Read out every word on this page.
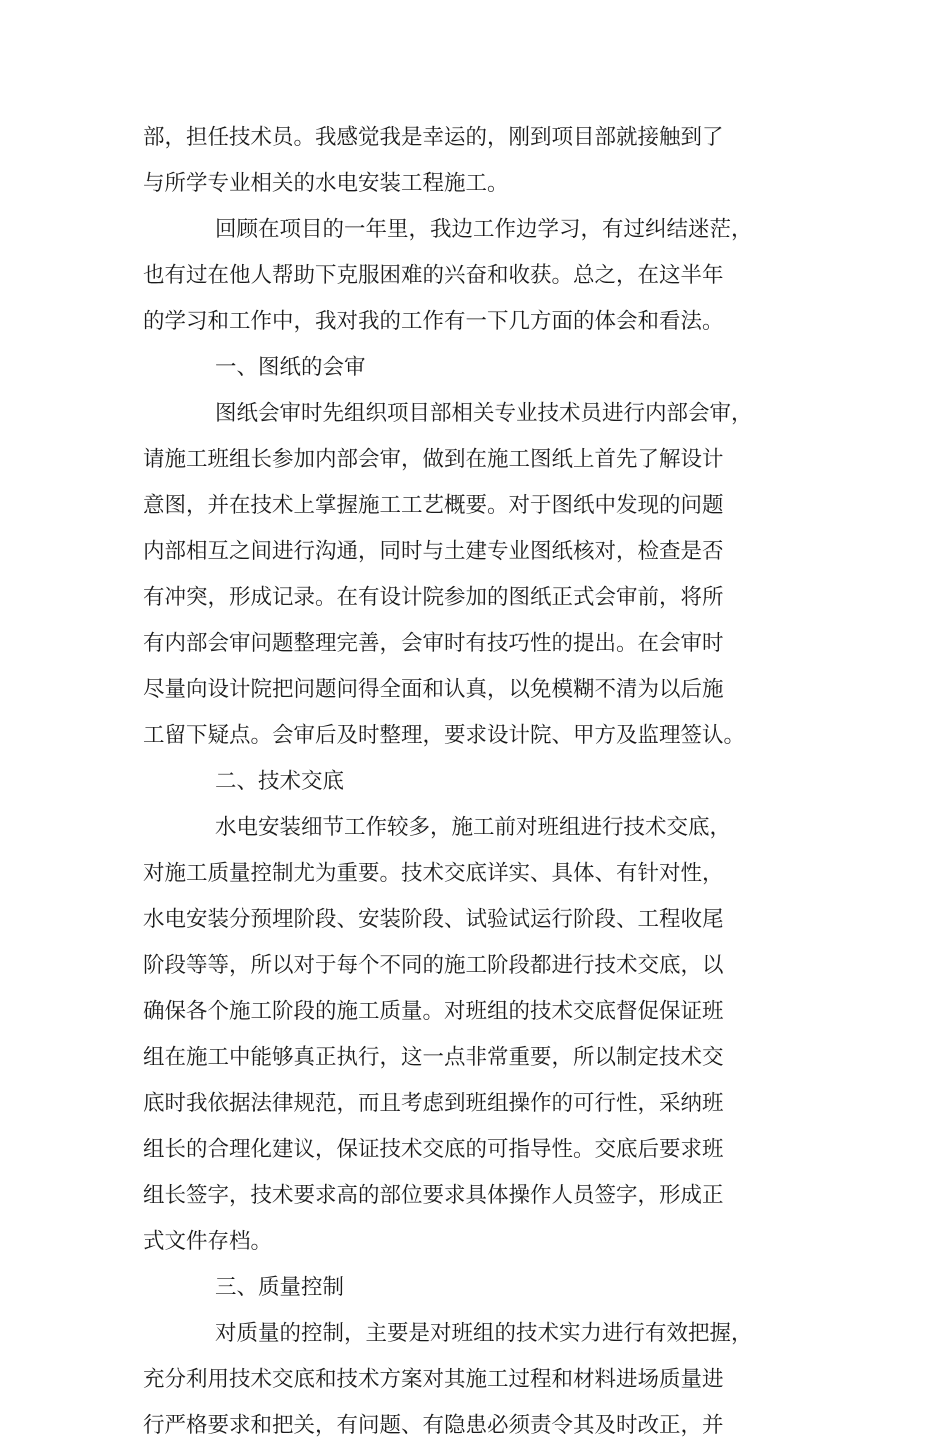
部，担任技术员。我感觉我是幸运的，刚到项目部就接触到了
与所学专业相关的水电安装工程施工。
回顾在项目的一年里，我边工作边学习，有过纠结迷茫，
也有过在他人帮助下克服困难的兴奋和收获。总之，在这半年
的学习和工作中，我对我的工作有一下几方面的体会和看法。
一、图纸的会审
图纸会审时先组织项目部相关专业技术员进行内部会审，
请施工班组长参加内部会审，做到在施工图纸上首先了解设计
意图，并在技术上掌握施工工艺概要。对于图纸中发现的问题
内部相互之间进行沟通，同时与土建专业图纸核对，检查是否
有冲突，形成记录。在有设计院参加的图纸正式会审前，将所
有内部会审问题整理完善，会审时有技巧性的提出。在会审时
尽量向设计院把问题问得全面和认真，以免模糊不清为以后施
工留下疑点。会审后及时整理，要求设计院、甲方及监理签认。
二、技术交底
水电安装细节工作较多，施工前对班组进行技术交底，
对施工质量控制尤为重要。技术交底详实、具体、有针对性，
水电安装分预埋阶段、安装阶段、试验试运行阶段、工程收尾
阶段等等，所以对于每个不同的施工阶段都进行技术交底，以
确保各个施工阶段的施工质量。对班组的技术交底督促保证班
组在施工中能够真正执行，这一点非常重要，所以制定技术交
底时我依据法律规范，而且考虑到班组操作的可行性，采纳班
组长的合理化建议，保证技术交底的可指导性。交底后要求班
组长签字，技术要求高的部位要求具体操作人员签字，形成正
式文件存档。
三、质量控制
对质量的控制，主要是对班组的技术实力进行有效把握，
充分利用技术交底和技术方案对其施工过程和材料进场质量进
行严格要求和把关，有问题、有隐患必须责令其及时改正，并
